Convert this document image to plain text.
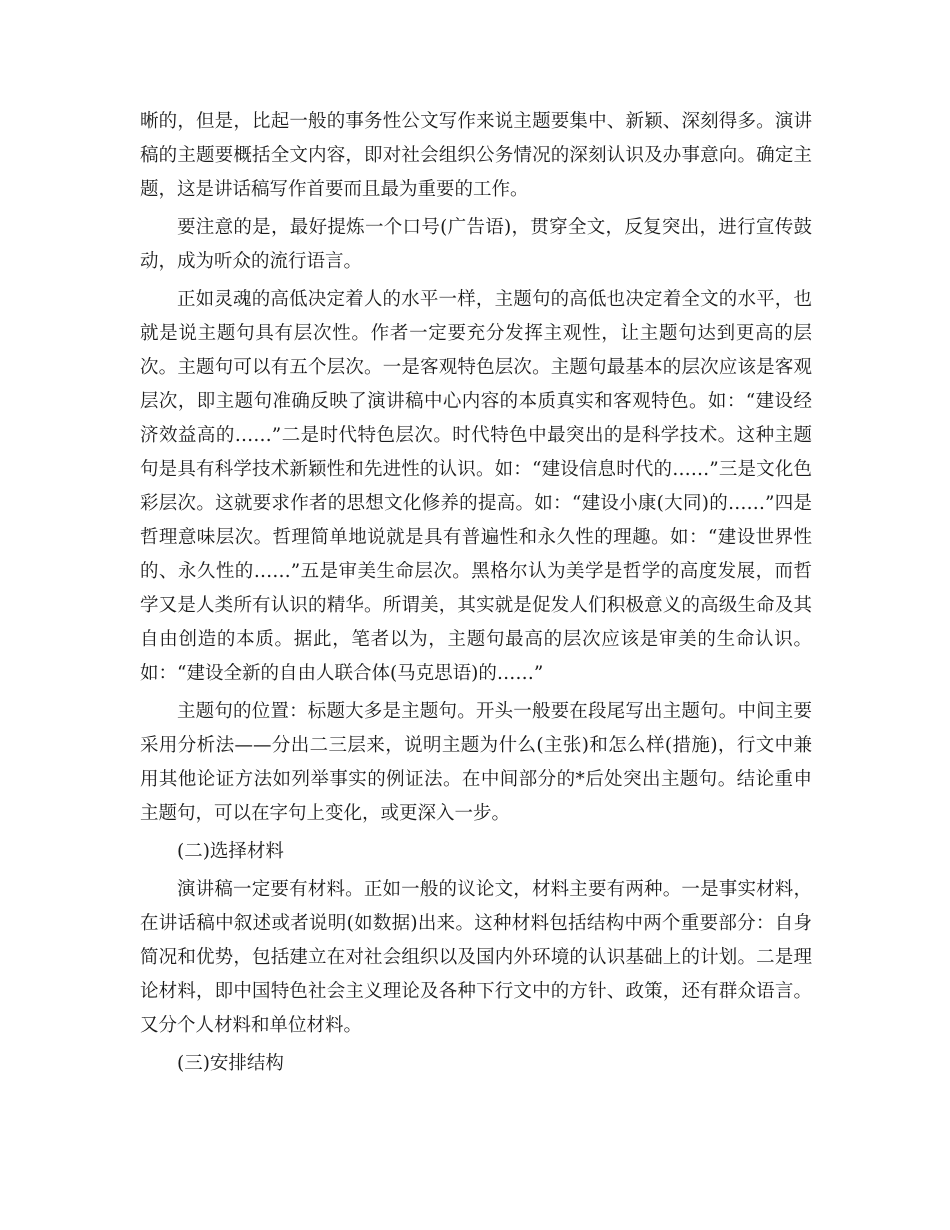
晰的，但是，比起一般的事务性公文写作来说主题要集中、新颖、深刻得多。演讲稿的主题要概括全文内容，即对社会组织公务情况的深刻认识及办事意向。确定主题，这是讲话稿写作首要而且最为重要的工作。

要注意的是，最好提炼一个口号(广告语)，贯穿全文，反复突出，进行宣传鼓动，成为听众的流行语言。

正如灵魂的高低决定着人的水平一样，主题句的高低也决定着全文的水平，也就是说主题句具有层次性。作者一定要充分发挥主观性，让主题句达到更高的层次。主题句可以有五个层次。一是客观特色层次。主题句最基本的层次应该是客观层次，即主题句准确反映了演讲稿中心内容的本质真实和客观特色。如：“建设经济效益高的……”二是时代特色层次。时代特色中最突出的是科学技术。这种主题句是具有科学技术新颖性和先进性的认识。如：“建设信息时代的……”三是文化色彩层次。这就要求作者的思想文化修养的提高。如：“建设小康(大同)的……”四是哲理意味层次。哲理简单地说就是具有普遍性和永久性的理趣。如：“建设世界性的、永久性的……”五是审美生命层次。黑格尔认为美学是哲学的高度发展，而哲学又是人类所有认识的精华。所谓美，其实就是促发人们积极意义的高级生命及其自由创造的本质。据此，笔者以为，主题句最高的层次应该是审美的生命认识。如：“建设全新的自由人联合体(马克思语)的……”

主题句的位置：标题大多是主题句。开头一般要在段尾写出主题句。中间主要采用分析法——分出二三层来，说明主题为什么(主张)和怎么样(措施)，行文中兼用其他论证方法如列举事实的例证法。在中间部分的*后处突出主题句。结论重申主题句，可以在字句上变化，或更深入一步。

(二)选择材料

演讲稿一定要有材料。正如一般的议论文，材料主要有两种。一是事实材料，在讲话稿中叙述或者说明(如数据)出来。这种材料包括结构中两个重要部分：自身简况和优势，包括建立在对社会组织以及国内外环境的认识基础上的计划。二是理论材料，即中国特色社会主义理论及各种下行文中的方针、政策，还有群众语言。又分个人材料和单位材料。

(三)安排结构
